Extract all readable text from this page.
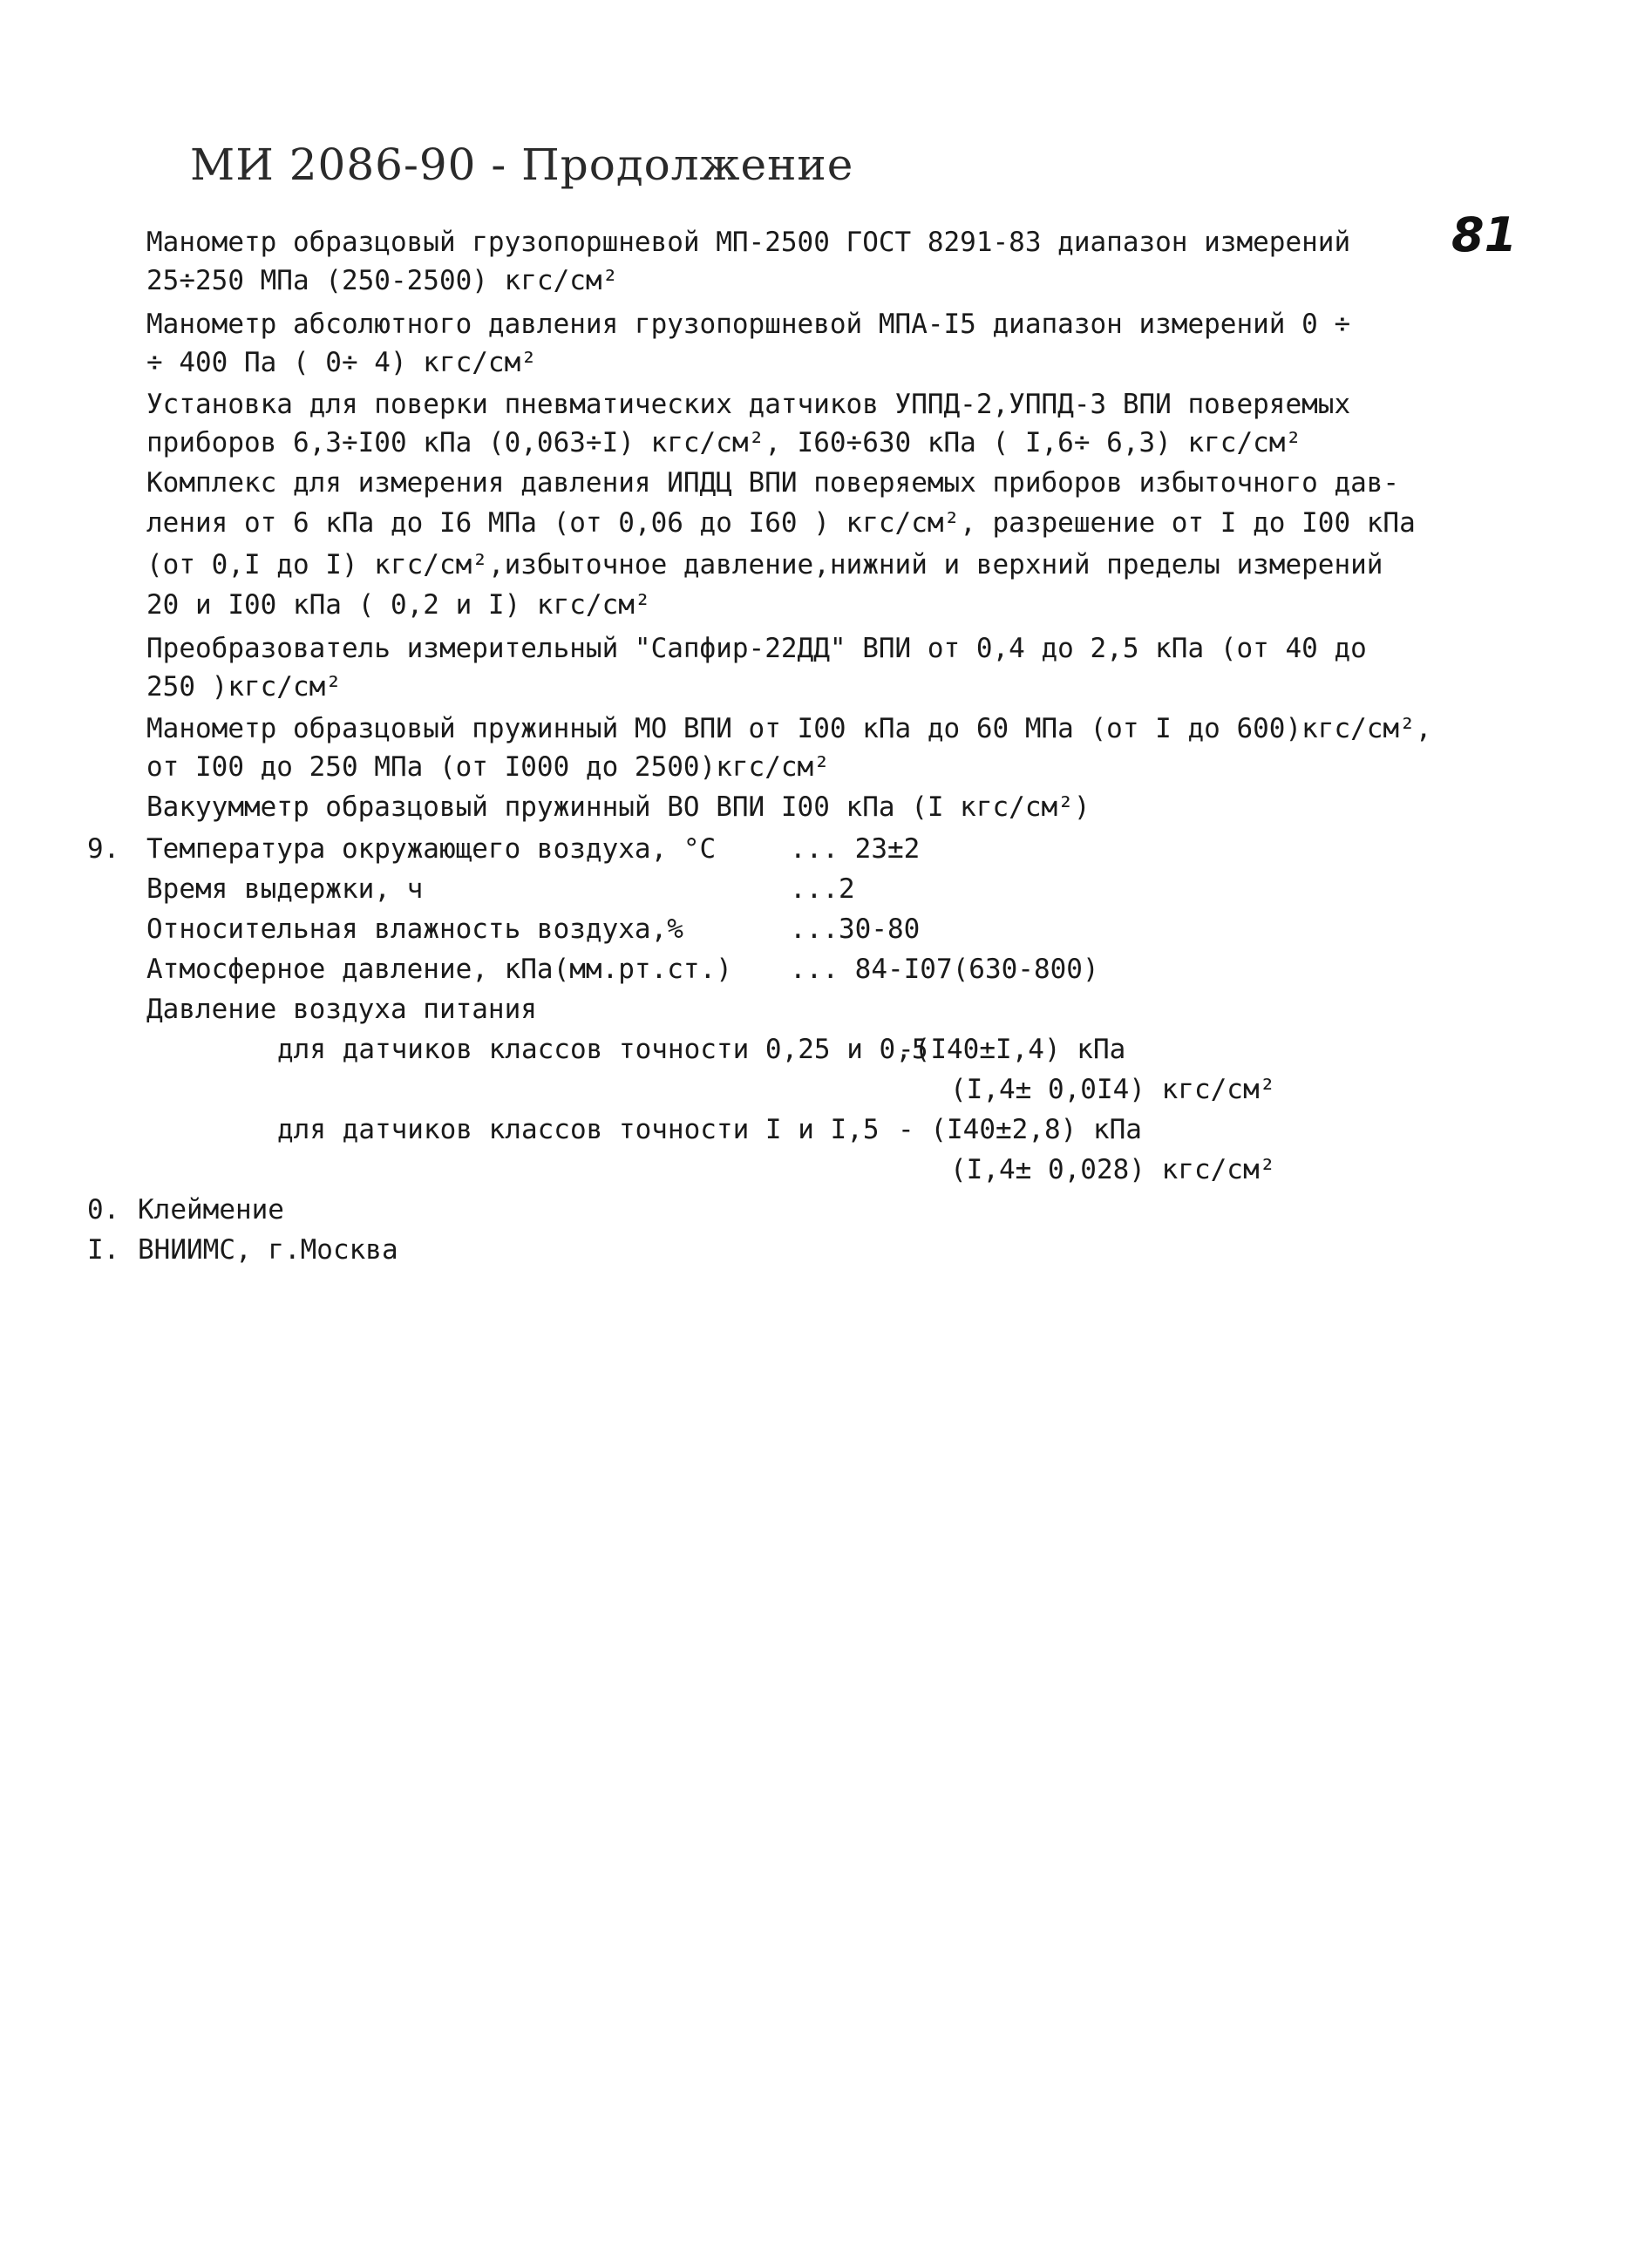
МИ 2086-90 - Продолжение
81
Манометр образцовый грузопоршневой МП-2500 ГОСТ 8291-83 диапазон измерений
25÷250 МПа (250-2500) кгс/см²
Манометр абсолютного давления грузопоршневой МПА-I5 диапазон измерений 0 ÷
÷ 400 Па ( 0÷ 4) кгс/см²
Установка для поверки пневматических датчиков УППД-2,УППД-3 ВПИ поверяемых
приборов 6,3÷I00 кПа (0,063÷I) кгс/см², I60÷630 кПа ( I,6÷ 6,3) кгс/см²
Комплекс для измерения давления ИПДЦ ВПИ поверяемых приборов избыточного дав-
ления от 6 кПа до I6 МПа (от 0,06 до I60 ) кгс/см², разрешение от I до I00 кПа
(от 0,I до I) кгс/см²,избыточное давление,нижний и верхний пределы измерений
20 и I00 кПа ( 0,2 и I) кгс/см²
Преобразователь измерительный "Сапфир-22ДД" ВПИ от 0,4 до 2,5 кПа (от 40 до
250 )кгс/см²
Манометр образцовый пружинный МО ВПИ от I00 кПа до 60 МПа (от I до 600)кгс/см²,
от I00 до 250 МПа (от I000 до 2500)кгс/см²
Вакуумметр образцовый пружинный ВО ВПИ I00 кПа (I кгс/см²)
9. Температура окружающего воздуха, °С	... 23±2
Время выдержки, ч	...2
Относительная влажность воздуха,%	...30-80
Атмосферное давление, кПа(мм.рт.ст.) ... 84-I07(630-800)
Давление воздуха питания
для датчиков классов точности 0,25 и 0,5
-(I40±I,4) кПа
(I,4± 0,0I4) кгс/см²
для датчиков классов точности I и I,5 - (I40±2,8) кПа
(I,4± 0,028) кгс/см²
0. Клеймение
I. ВНИИМС, г.Москва
